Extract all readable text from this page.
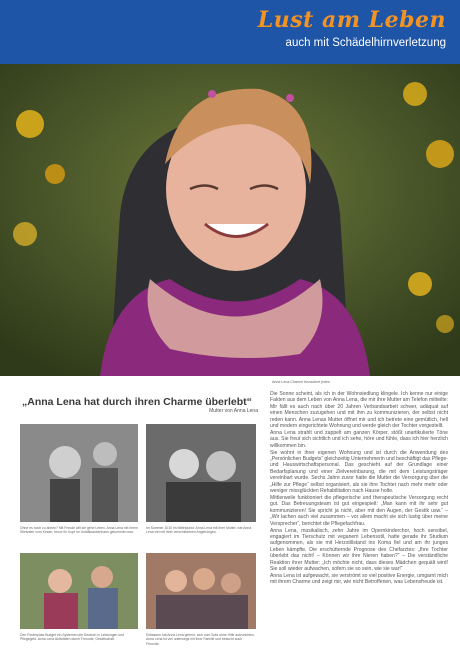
Lust am Leben
auch mit Schädelhirnverletzung
Anna Lena Charme bezaubert jeden
„Anna Lena hat durch ihren Charme überlebt“
Mutter von Anna Lena
Ohne es noch zu ahnen? Mit Freude will sie gehe Leben, Anna Lena mit ihrem Stiefvater vom Kinder, bevor ihr Kopf im Unfallkrankenhaus gekommen war.
Im Sommer 2010 im Mittelpunkt: Anna Lena mit ihrer Mutter, wie Anna Lena viel mit ihrer verschiedenen Angehörigen.
Den Förderplatz Budget ein Systemen die Deutsch in Leistungen und Pflegegeld. Anna Lena Aktivitäten durch Freunde, Gesellschaft.
Entlassen hat Anna Lena gelernt, sich vom Sofa ohne Hilfe aufzurichten. Anna Lena ist viel unterwegs mit ihrer Familie und besucht auch Freunde.

Die Sonne scheint, als ich in der Wohnsiedlung klingele. Ich kenne nur einige Fakten aus dem Leben von Anna Lena, die mir ihre Mutter am Telefon mitteilte: Mir fällt es auch nach über 20 Jahren Verbandsarbeit schwer, adäquat auf einen Menschen zuzugehen und mit ihm zu kommunizieren, der selbst nicht reden kann. Anna Lenas Mutter öffnet mir und ich betrete eine gemütlich, hell und modern eingerichtete Wohnung und werde gleich der Tochter vorgestellt.

Anna Lena strahlt und zappelt am ganzen Körper, stößt unartikulierte Töne aus. Sie freut sich sichtlich und ich sehe, höre und fühle, dass ich hier herzlich willkommen bin.

Sie wohnt in ihrer eigenen Wohnung und ist durch die Anwendung des „Persönlichen Budgets“ gleichzeitig Unternehmerin und beschäftigt das Pflege- und Hauswirtschaftspersonal. Das geschieht auf der Grundlage einer Bedarfsplanung und einer Zielvereinbarung, die mit dem Leistungsträger vereinbart wurde. Sechs Jahre zuvor hatte die Mutter die Versorgung über die „Hilfe zur Pflege“ selbst organisiert, als sie ihre Tochter nach mehr mehr oder weniger missglückten Rehabilitation nach Hause holte.

Mittlerweile funktioniert die pflegerische und therapeutische Versorgung recht gut. Das Betreuungsteam ist gut eingespielt: „Man kann mit ihr sehr gut kommunizieren! Sie spricht ja nicht, aber mit den Augen, der Gestik usw.“ – „Wir lachen auch viel zusammen – vor allem macht sie sich lustig über meine Versprecher“, berichtet die Pflegefachfrau.

Anna Lena, musikalisch, zehn Jahre im Opernkinderchor, hoch sensibel, engagiert im Tierschutz mit veganem Lebensstil, hatte gerade ihr Studium aufgenommen, als sie mit Herzstillstand ins Koma fiel und am ihr junges Leben kämpfte. Die erschütternde Prognose des Chefarztes: „Ihre Tochter überlebt das nicht! – Können wir ihre Nieren haben?“ – Die verständliche Reaktion ihrer Mutter: „Ich möchte nicht, dass dieses Mädchen gequält wird! Sie soll wieder aufwachen, sofern sie so sein, wie sie war!“

Anna Lena ist aufgewacht, sie verströmt so viel positive Energie, umgarnt mich mit ihrem Charme und zeigt mir, wie nicht Betroffenen, was Lebensfreude ist.
